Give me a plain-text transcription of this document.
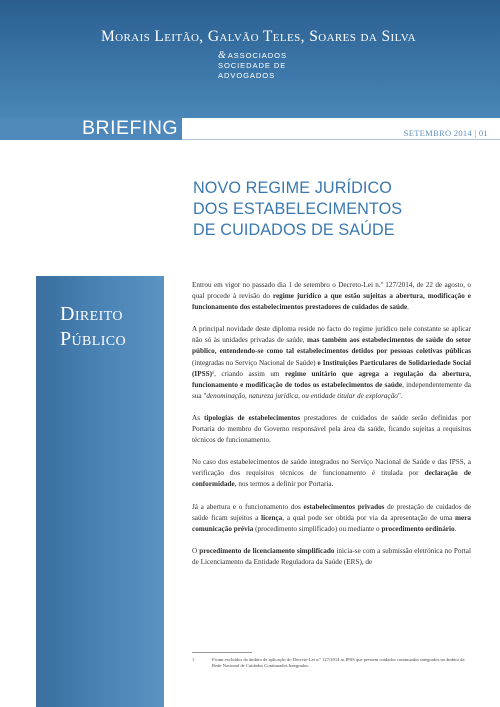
Morais Leitão, Galvão Teles, Soares da Silva
&ASSOCIADOS
SOCIEDADE DE
ADVOGADOS
BRIEFING	SETEMBRO 2014 | 01
NOVO REGIME JURÍDICO
DOS ESTABELECIMENTOS
DE CUIDADOS DE SAÚDE
Direito
Público

Entrou em vigor no passado dia 1 de setembro o Decreto-Lei n.º 127/2014, de 22 de agosto, o qual procede à revisão do regime jurídico a que estão sujeitas a abertura, modificação e funcionamento dos estabelecimentos prestadores de cuidados de saúde.

A principal novidade deste diploma reside no facto do regime jurídico nele constante se aplicar não só às unidades privadas de saúde, mas também aos estabelecimentos de saúde do setor público, entendendo-se como tal estabelecimentos detidos por pessoas coletivas públicas (integradas no Serviço Nacional de Saúde) e Instituições Particulares de Solidariedade Social (IPSS)¹, criando assim um regime unitário que agrega a regulação da abertura, funcionamento e modificação de todos os estabelecimentos de saúde, independentemente da sua "denominação, natureza jurídica, ou entidade titular de exploração".

As tipologias de estabelecimentos prestadores de cuidados de saúde serão definidas por Portaria do membro do Governo responsável pela área da saúde, ficando sujeitas a requisitos técnicos de funcionamento.

No caso dos estabelecimentos de saúde integrados no Serviço Nacional de Saúde e das IPSS, a verificação dos requisitos técnicos de funcionamento é titulada por declaração de conformidade, nos termos a definir por Portaria.

Já a abertura e o funcionamento dos estabelecimentos privados de prestação de cuidados de saúde ficam sujeitos a licença, a qual pode ser obtida por via da apresentação de uma mera comunicação prévia (procedimento simplificado) ou mediante o procedimento ordinário.

O procedimento de licenciamento simplificado inicia-se com a submissão eletrónica no Portal de Licenciamento da Entidade Reguladora da Saúde (ERS), de

1	Ficam excluídos do âmbito de aplicação do Decreto-Lei n.º 127/2014 as IPSS que prestem cuidados continuados integrados no âmbito da Rede Nacional de Cuidados Continuados Integrados.
